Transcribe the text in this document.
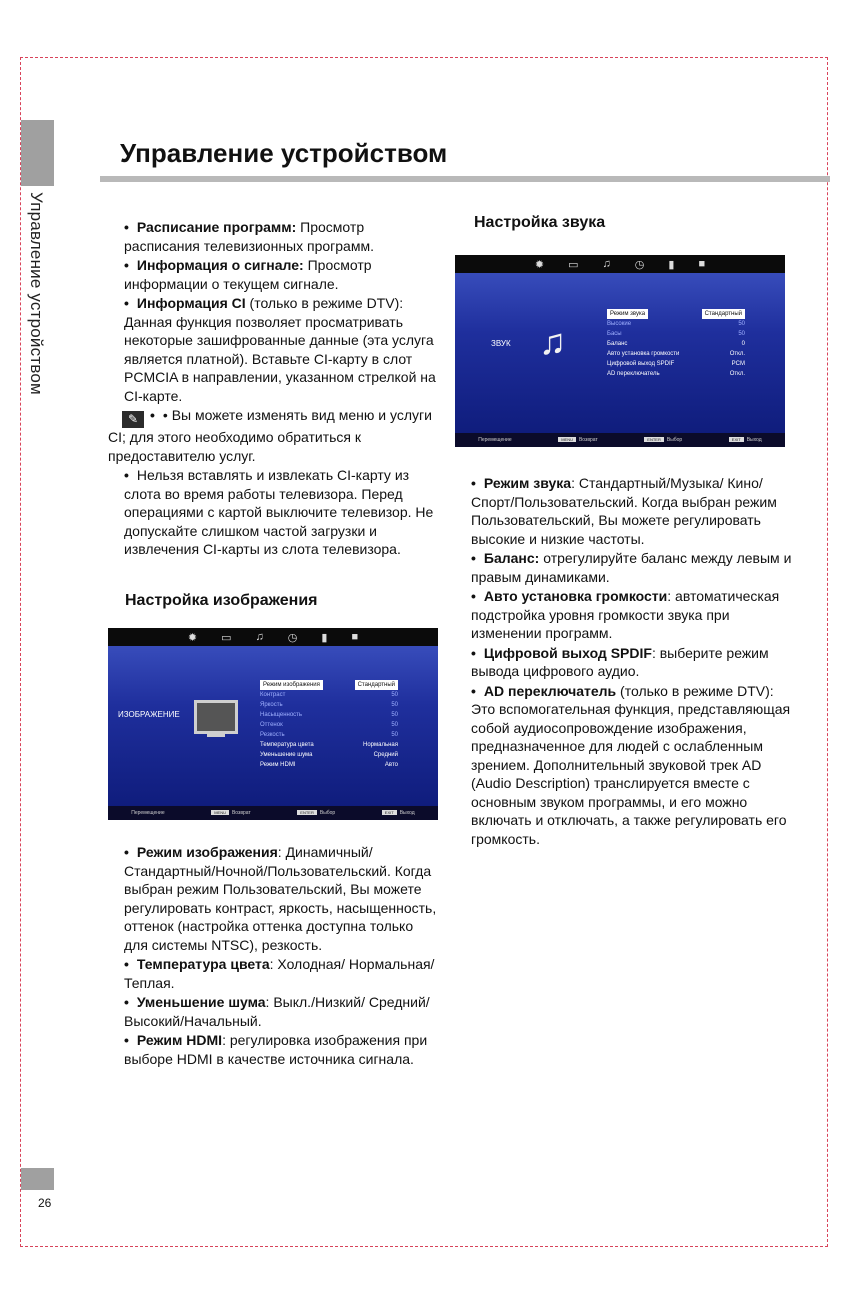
Управление устройством
26
Управление устройством

• Расписание программ: Просмотр расписания телевизионных программ.

• Информация о сигнале: Просмотр информации о текущем сигнале.

• Информация CI (только в режиме DTV): Данная функция позволяет просматривать некоторые зашифрованные данные (эта услуга является платной). Вставьте CI-карту в слот PCMCIA в направлении, указанном стрелкой на CI-карте.

✎ • • Вы можете изменять вид меню и услуги CI; для этого необходимо обратиться к предоставителю услуг.

• Нельзя вставлять и извлекать CI-карту из слота во время работы телевизора. Перед операциями с картой выключите телевизор. Не допускайте слишком частой загрузки и извлечения CI-карты из слота телевизора.

Настройка изображения
✹ ▭ ♫ ◷ ▮ ■
ИЗОБРАЖЕНИЕ
Режим изображения	Стандартный
Контраст	50
Яркость	50
Насыщенность	50
Оттенок	50
Резкость	50
Температура цвета	Нормальная
Уменьшение шума	Средний
Режим HDMI	Авто
Перемещение	MENU Возврат	ENTER Выбор	EXIT Выход

• Режим изображения: Динамичный/ Стандартный/Ночной/Пользовательский. Когда выбран режим Пользовательский, Вы можете регулировать контраст, яркость, насыщенность, оттенок (настройка оттенка доступна только для системы NTSC), резкость.

• Температура цвета: Холодная/ Нормальная/Теплая.

• Уменьшение шума: Выкл./Низкий/ Средний/Высокий/Начальный.

• Режим HDMI: регулировка изображения при выборе HDMI в качестве источника сигнала.

Настройка звука
✹ ▭ ♫ ◷ ▮ ■
ЗВУК ♫
Режим звука	Стандартный
Высокие	50
Басы	50
Баланс	0
Авто установка громкости	Откл.
Цифровой выход SPDIF	PCM
AD переключатель	Откл.
Перемещение	MENU Возврат	ENTER Выбор	EXIT Выход

• Режим звука: Стандартный/Музыка/ Кино/Спорт/Пользовательский. Когда выбран режим Пользовательский, Вы можете регулировать высокие и низкие частоты.

• Баланс: отрегулируйте баланс между левым и правым динамиками.

• Авто установка громкости: автоматическая подстройка уровня громкости звука при изменении программ.

• Цифровой выход SPDIF: выберите режим вывода цифрового аудио.

• AD переключатель (только в режиме DTV): Это вспомогательная функция, представляющая собой аудиосопровождение изображения, предназначенное для людей с ослабленным зрением. Дополнительный звуковой трек AD (Audio Description) транслируется вместе с основным звуком программы, и его можно включать и отключать, а также регулировать его громкость.
